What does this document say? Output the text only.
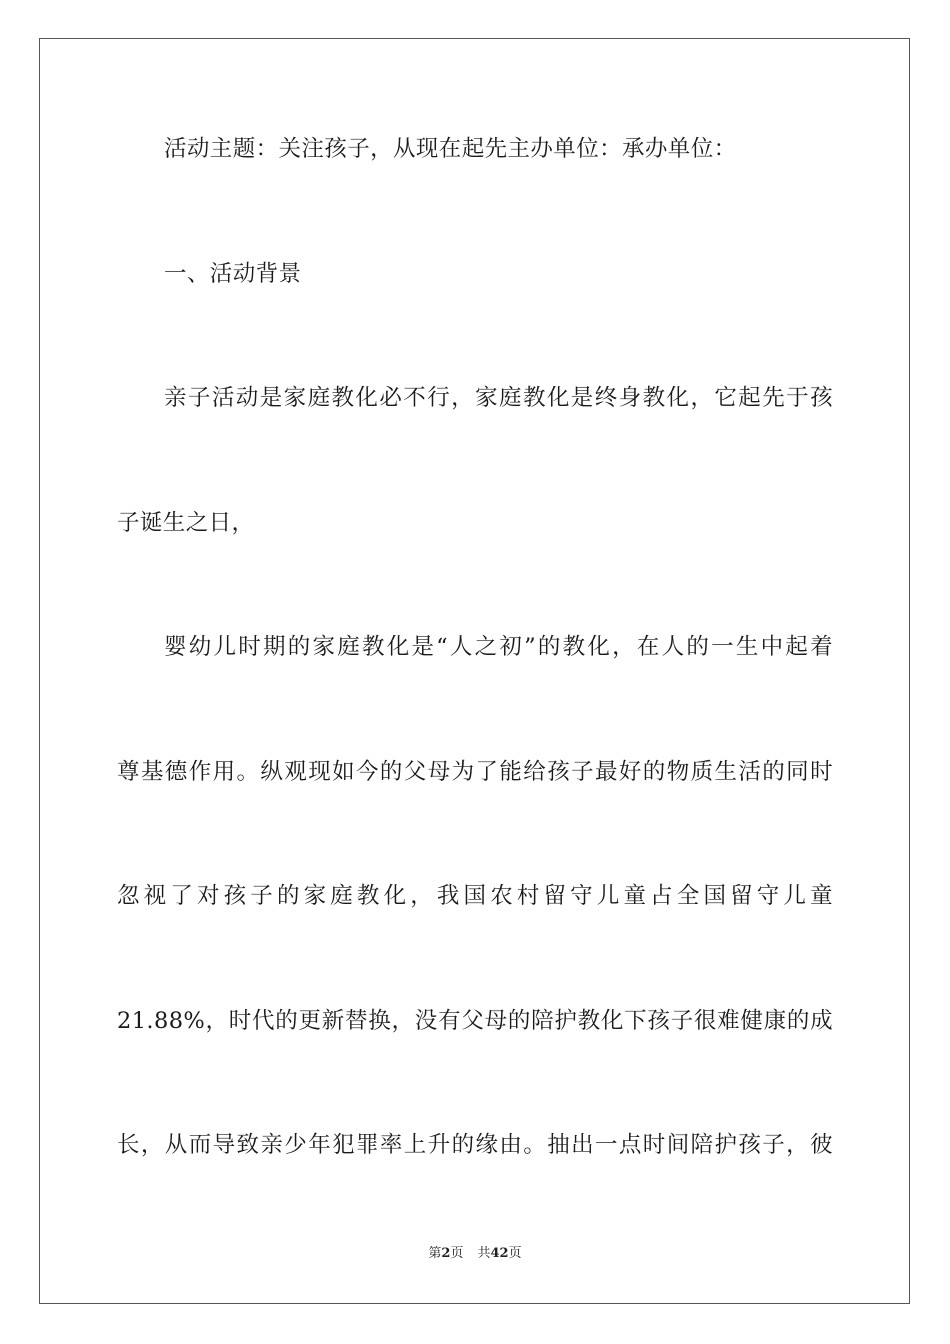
活动主题：关注孩子，从现在起先主办单位：承办单位：
一、活动背景
亲子活动是家庭教化必不行，家庭教化是终身教化，它起先于孩
子诞生之日，
婴幼儿时期的家庭教化是“人之初”的教化，在人的一生中起着
尊基德作用。纵观现如今的父母为了能给孩子最好的物质生活的同时
忽视了对孩子的家庭教化，我国农村留守儿童占全国留守儿童
21.88%，时代的更新替换，没有父母的陪护教化下孩子很难健康的成
长，从而导致亲少年犯罪率上升的缘由。抽出一点时间陪护孩子，彼
第2页 共42页
